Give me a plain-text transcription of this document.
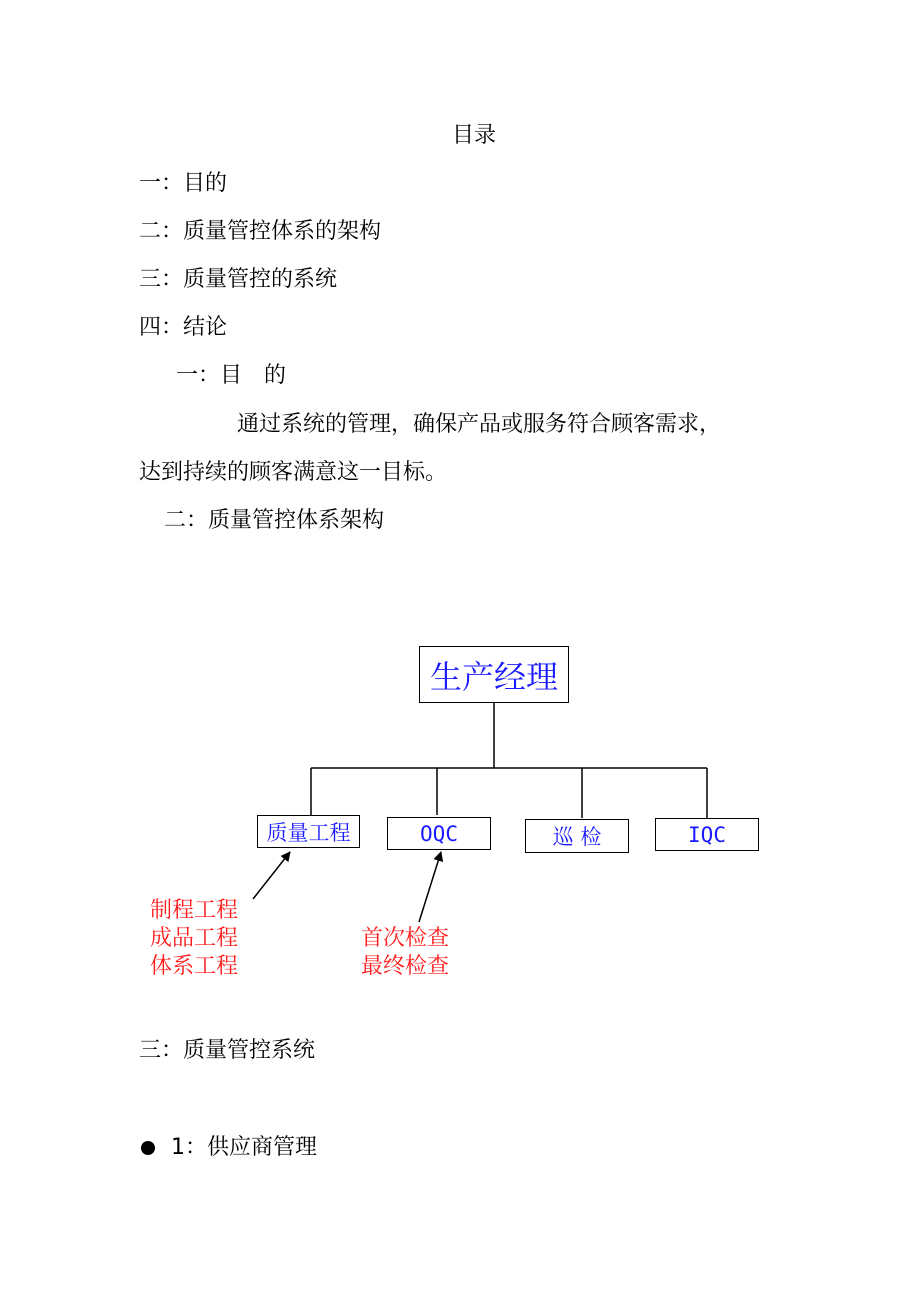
目录
一：目的
二：质量管控体系的架构
三：质量管控的系统
四：结论
一：目　的
通过系统的管理，确保产品或服务符合顾客需求，
达到持续的顾客满意这一目标。
二：质量管控体系架构
生产经理
质量工程	OQC	巡 检	IQC
制程工程
成品工程
体系工程
首次检查
最终检查
三：质量管控系统
1：供应商管理
